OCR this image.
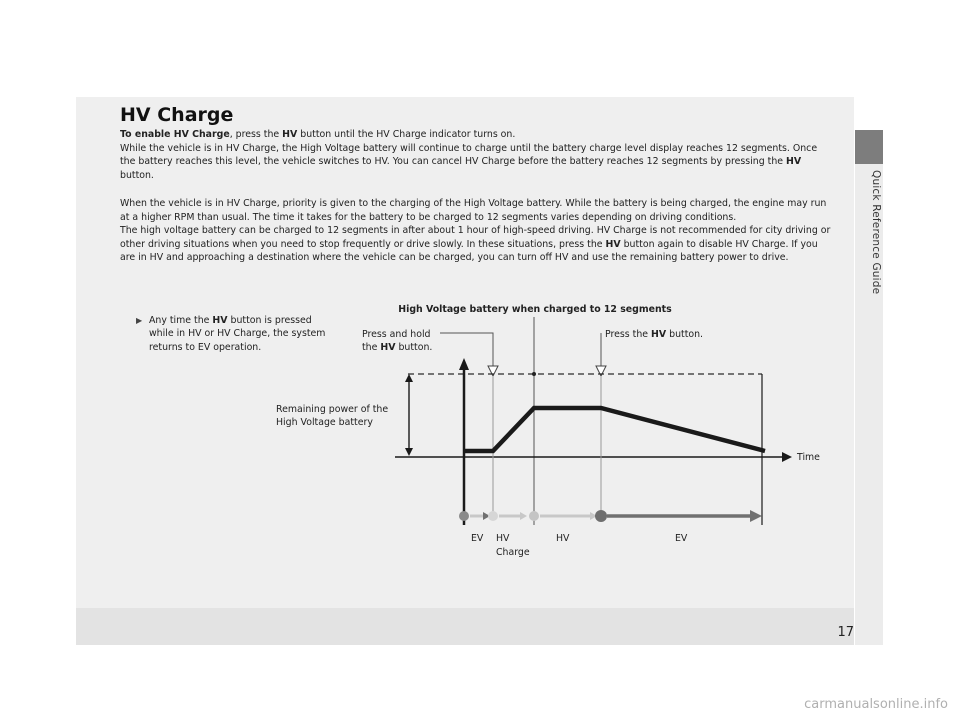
Quick Reference Guide
17
HV Charge

To enable HV Charge, press the HV button until the HV Charge indicator turns on.
While the vehicle is in HV Charge, the High Voltage battery will continue to charge until the battery charge level display reaches 12 segments. Once the battery reaches this level, the vehicle switches to HV. You can cancel HV Charge before the battery reaches 12 segments by pressing the HV button.

When the vehicle is in HV Charge, priority is given to the charging of the High Voltage battery. While the battery is being charged, the engine may run at a higher RPM than usual. The time it takes for the battery to be charged to 12 segments varies depending on driving conditions.
The high voltage battery can be charged to 12 segments in after about 1 hour of high-speed driving. HV Charge is not recommended for city driving or other driving situations when you need to stop frequently or drive slowly. In these situations, press the HV button again to disable HV Charge. If you are in HV and approaching a destination where the vehicle can be charged, you can turn off HV and use the remaining battery power to drive.

▶ Any time the HV button is pressed while in HV or HV Charge, the system returns to EV operation.
High Voltage battery when charged to 12 segments
Press and hold
the HV button.
Press the HV button.
Remaining power of the
High Voltage battery
Time
EV HV
Charge
HV	EV
carmanualsonline.info
